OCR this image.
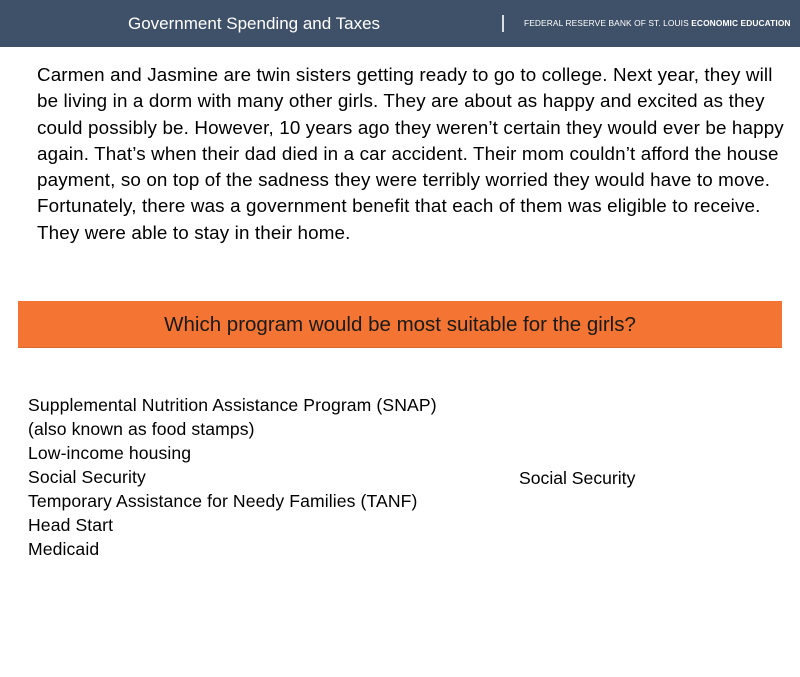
Government Spending and Taxes	FEDERAL RESERVE BANK OF ST. LOUIS ECONOMIC EDUCATION

Carmen and Jasmine are twin sisters getting ready to go to college. Next year, they will be living in a dorm with many other girls. They are about as happy and excited as they could possibly be. However, 10 years ago they weren’t certain they would ever be happy again. That’s when their dad died in a car accident. Their mom couldn’t afford the house payment, so on top of the sadness they were terribly worried they would have to move. Fortunately, there was a government benefit that each of them was eligible to receive. They were able to stay in their home.

Which program would be most suitable for the girls?
Supplemental Nutrition Assistance Program (SNAP)(also known as food stamps)
Low-income housing
Social Security
Temporary Assistance for Needy Families (TANF)
Head Start
Medicaid
Social Security
